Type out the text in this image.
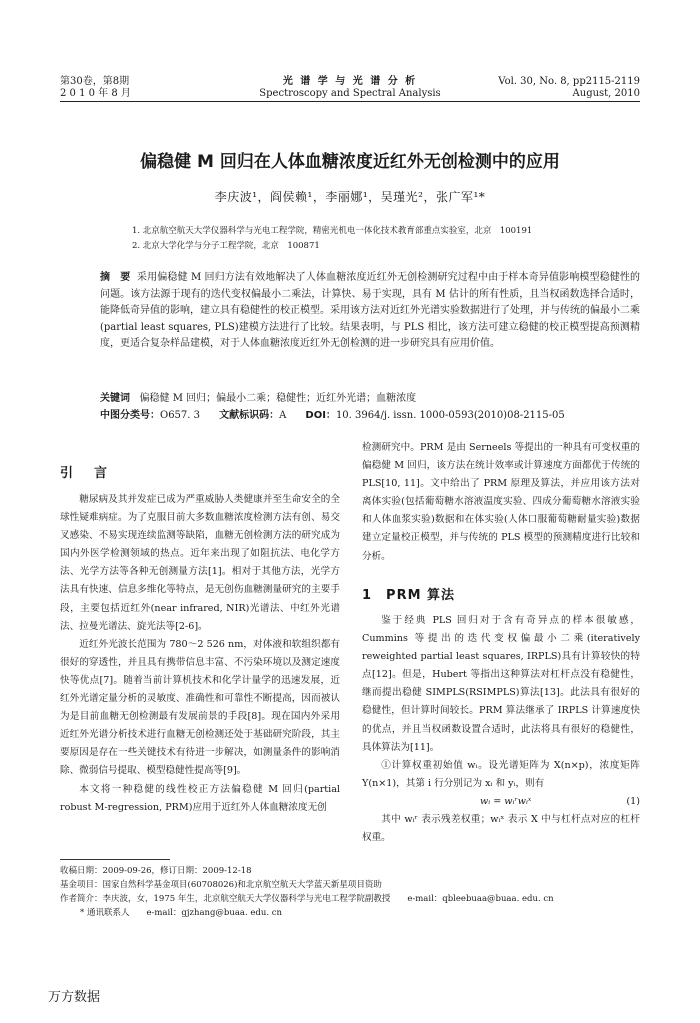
第30卷，第8期
2 0 1 0 年 8 月
光 谱 学 与 光 谱 分 析
Spectroscopy and Spectral Analysis
Vol. 30, No. 8, pp2115-2119
August, 2010
偏稳健 M 回归在人体血糖浓度近红外无创检测中的应用
李庆波¹，阎侯赖¹，李丽娜¹，吴瑾光²，张广军¹*
1. 北京航空航天大学仪器科学与光电工程学院，精密光机电一体化技术教育部重点实验室，北京　100191
2. 北京大学化学与分子工程学院，北京　100871
摘　要 采用偏稳健 M 回归方法有效地解决了人体血糖浓度近红外无创检测研究过程中由于样本奇异值影响模型稳健性的问题。该方法源于现有的迭代变权偏最小二乘法，计算快、易于实现，具有 M 估计的所有性质，且当权函数选择合适时，能降低奇异值的影响，建立具有稳健性的校正模型。采用该方法对近红外光谱实验数据进行了处理，并与传统的偏最小二乘(partial least squares, PLS)建模方法进行了比较。结果表明，与 PLS 相比，该方法可建立稳健的校正模型提高预测精度，更适合复杂样品建模，对于人体血糖浓度近红外无创检测的进一步研究具有应用价值。
关键词 偏稳健 M 回归；偏最小二乘；稳健性；近红外光谱；血糖浓度
中图分类号：O657. 3 文献标识码：A DOI：10. 3964/j. issn. 1000-0593(2010)08-2115-05
引　言

糖尿病及其并发症已成为严重威胁人类健康并至生命安全的全球性疑难病症。为了克服目前大多数血糖浓度检测方法有创、易交叉感染、不易实现连续监测等缺陷，血糖无创检测方法的研究成为国内外医学检测领域的热点。近年来出现了如阻抗法、电化学方法、光学方法等各种无创测量方法[1]。相对于其他方法，光学方法具有快速、信息多维化等特点，是无创伤血糖测量研究的主要手段，主要包括近红外(near infrared, NIR)光谱法、中红外光谱法、拉曼光谱法、旋光法等[2-6]。

近红外光波长范围为 780～2 526 nm，对体液和软组织都有很好的穿透性，并且具有携带信息丰富、不污染环境以及测定速度快等优点[7]。随着当前计算机技术和化学计量学的迅速发展，近红外光谱定量分析的灵敏度、准确性和可靠性不断提高，因而被认为是目前血糖无创检测最有发展前景的手段[8]。现在国内外采用近红外光谱分析技术进行血糖无创检测还处于基础研究阶段，其主要原因是存在一些关键技术有待进一步解决，如测量条件的影响消除、微弱信号提取、模型稳健性提高等[9]。

本文将一种稳健的线性校正方法偏稳健 M 回归(partial robust M-regression, PRM)应用于近红外人体血糖浓度无创

检测研究中。PRM 是由 Serneels 等提出的一种具有可变权重的偏稳健 M 回归，该方法在统计效率或计算速度方面都优于传统的 PLS[10, 11]。文中给出了 PRM 原理及算法，并应用该方法对离体实验(包括葡萄糖水溶液温度实验、四成分葡萄糖水溶液实验和人体血浆实验)数据和在体实验(人体口服葡萄糖耐量实验)数据建立定量校正模型，并与传统的 PLS 模型的预测精度进行比较和分析。

1　PRM 算法

鉴于经典 PLS 回归对于含有奇异点的样本很敏感，Cummins 等提出的迭代变权偏最小二乘(iteratively reweighted partial least squares, IRPLS)具有计算较快的特点[12]。但是，Hubert 等指出这种算法对杠杆点没有稳健性，继而提出稳健 SIMPLS(RSIMPLS)算法[13]。此法具有很好的稳健性，但计算时间较长。PRM 算法继承了 IRPLS 计算速度快的优点，并且当权函数设置合适时，此法将具有很好的稳健性，具体算法为[11]。

①计算权重初始值 wᵢ。设光谱矩阵为 X(n×p)，浓度矩阵 Y(n×1)，其第 i 行分别记为 xᵢ 和 yᵢ，则有

wᵢ = wᵢʳwᵢˣ	(1)

其中 wᵢʳ 表示残差权重；wᵢˣ 表示 X 中与杠杆点对应的杠杆权重。

收稿日期：2009-09-26，修订日期：2009-12-18
基金项目：国家自然科学基金项目(60708026)和北京航空航天大学蓝天新星项目资助
作者简介：李庆波，女，1975 年生，北京航空航天大学仪器科学与光电工程学院副教授　　e-mail：qbleebuaa@buaa. edu. cn
* 通讯联系人　　e-mail：gjzhang@buaa. edu. cn
万方数据
